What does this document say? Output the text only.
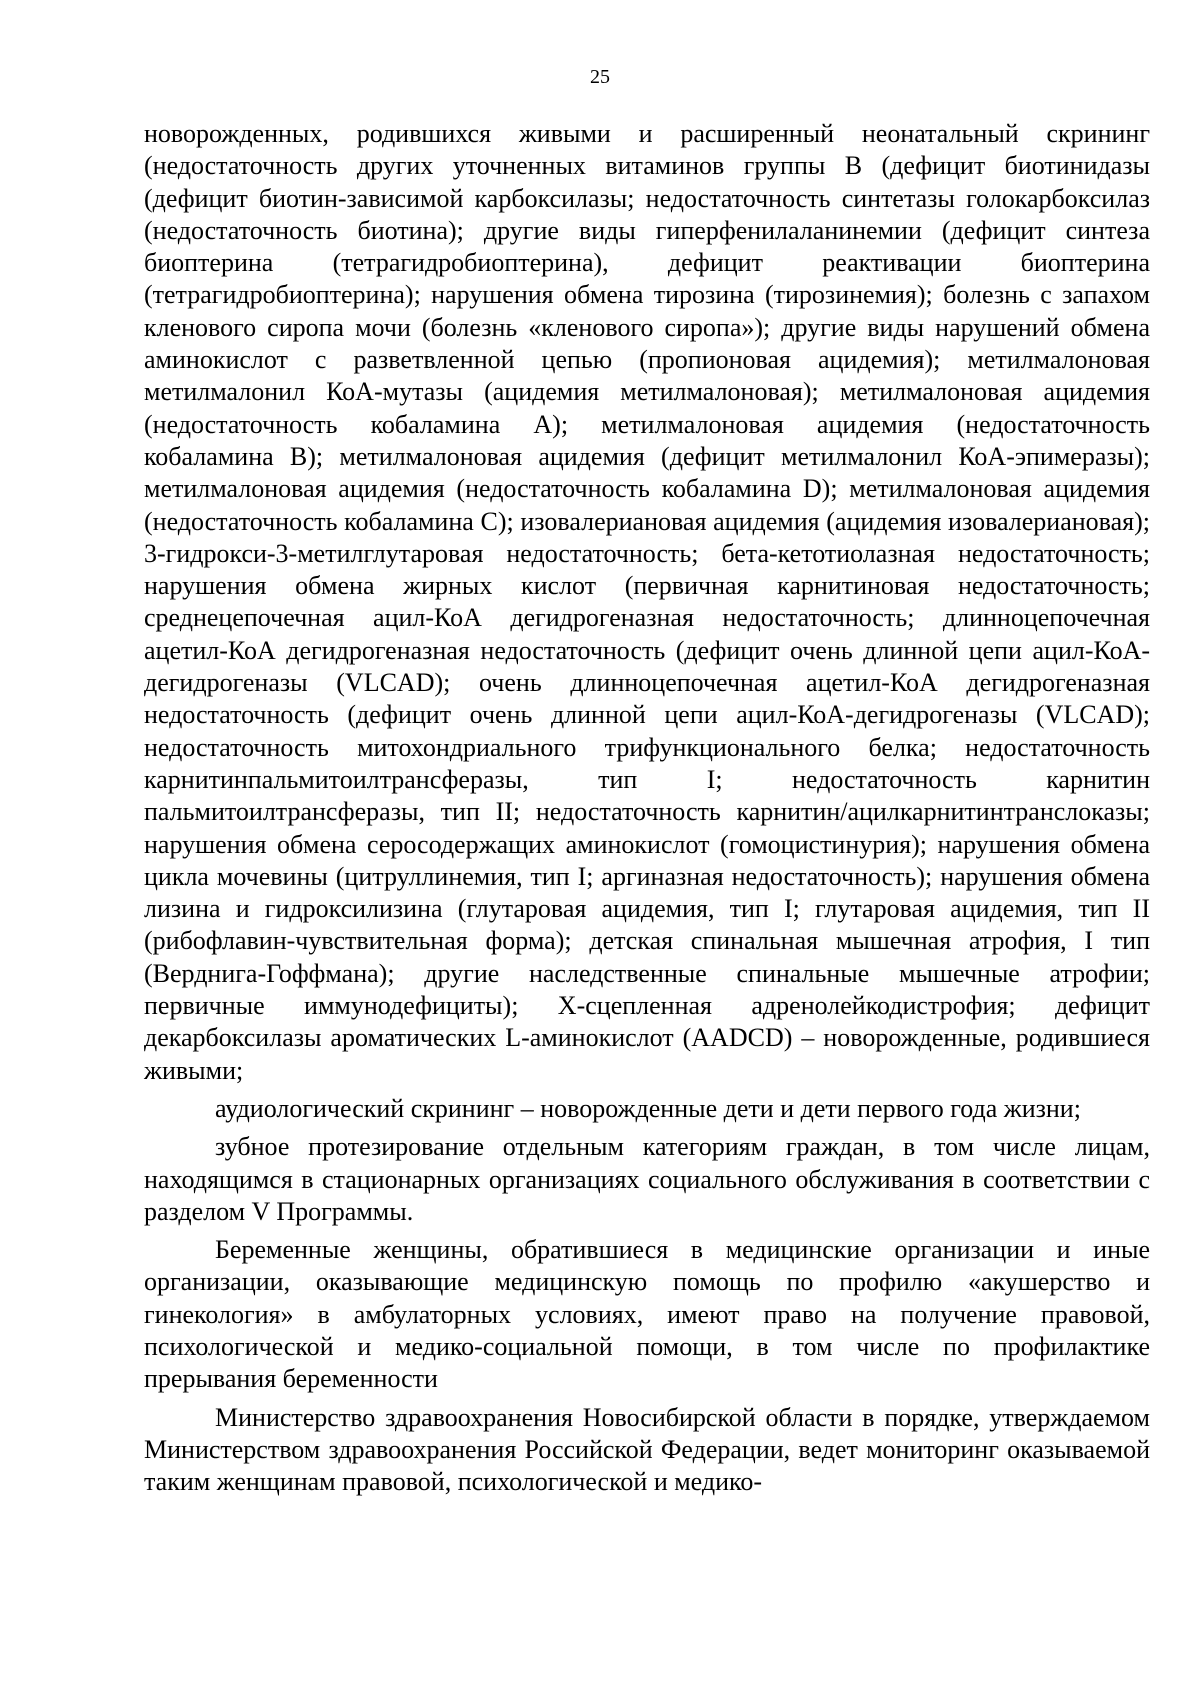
25

новорожденных, родившихся живыми и расширенный неонатальный скрининг (недостаточность других уточненных витаминов группы B (дефицит биотинидазы (дефицит биотин-зависимой карбоксилазы; недостаточность синтетазы голокарбоксилаз (недостаточность биотина); другие виды гиперфенилаланинемии (дефицит синтеза биоптерина (тетрагидробиоптерина), дефицит реактивации биоптерина (тетрагидробиоптерина); нарушения обмена тирозина (тирозинемия); болезнь с запахом кленового сиропа мочи (болезнь «кленового сиропа»); другие виды нарушений обмена аминокислот с разветвленной цепью (пропионовая ацидемия); метилмалоновая метилмалонил КоА-мутазы (ацидемия метилмалоновая); метилмалоновая ацидемия (недостаточность кобаламина А); метилмалоновая ацидемия (недостаточность кобаламина B); метилмалоновая ацидемия (дефицит метилмалонил КоА-эпимеразы); метилмалоновая ацидемия (недостаточность кобаламина D); метилмалоновая ацидемия (недостаточность кобаламина C); изовалериановая ацидемия (ацидемия изовалериановая); 3-гидрокси-3-метилглутаровая недостаточность; бета-кетотиолазная недостаточность; нарушения обмена жирных кислот (первичная карнитиновая недостаточность; среднецепочечная ацил-КоА дегидрогеназная недостаточность; длинноцепочечная ацетил-КоА дегидрогеназная недостаточность (дефицит очень длинной цепи ацил-КоА-дегидрогеназы (VLCAD); очень длинноцепочечная ацетил-КоА дегидрогеназная недостаточность (дефицит очень длинной цепи ацил-КоА-дегидрогеназы (VLCAD); недостаточность митохондриального трифункционального белка; недостаточность карнитинпальмитоилтрансферазы, тип I; недостаточность карнитин пальмитоилтрансферазы, тип II; недостаточность карнитин/ацилкарнитинтранслоказы; нарушения обмена серосодержащих аминокислот (гомоцистинурия); нарушения обмена цикла мочевины (цитруллинемия, тип I; аргиназная недостаточность); нарушения обмена лизина и гидроксилизина (глутаровая ацидемия, тип I; глутаровая ацидемия, тип II (рибофлавин-чувствительная форма); детская спинальная мышечная атрофия, I тип (Верднига-Гоффмана); другие наследственные спинальные мышечные атрофии; первичные иммунодефициты); Х-сцепленная адренолейкодистрофия; дефицит декарбоксилазы ароматических L-аминокислот (AADCD) – новорожденные, родившиеся живыми;

аудиологический скрининг – новорожденные дети и дети первого года жизни;

зубное протезирование отдельным категориям граждан, в том числе лицам, находящимся в стационарных организациях социального обслуживания в соответствии с разделом V Программы.

Беременные женщины, обратившиеся в медицинские организации и иные организации, оказывающие медицинскую помощь по профилю «акушерство и гинекология» в амбулаторных условиях, имеют право на получение правовой, психологической и медико-социальной помощи, в том числе по профилактике прерывания беременности

Министерство здравоохранения Новосибирской области в порядке, утверждаемом Министерством здравоохранения Российской Федерации, ведет мониторинг оказываемой таким женщинам правовой, психологической и медико-
